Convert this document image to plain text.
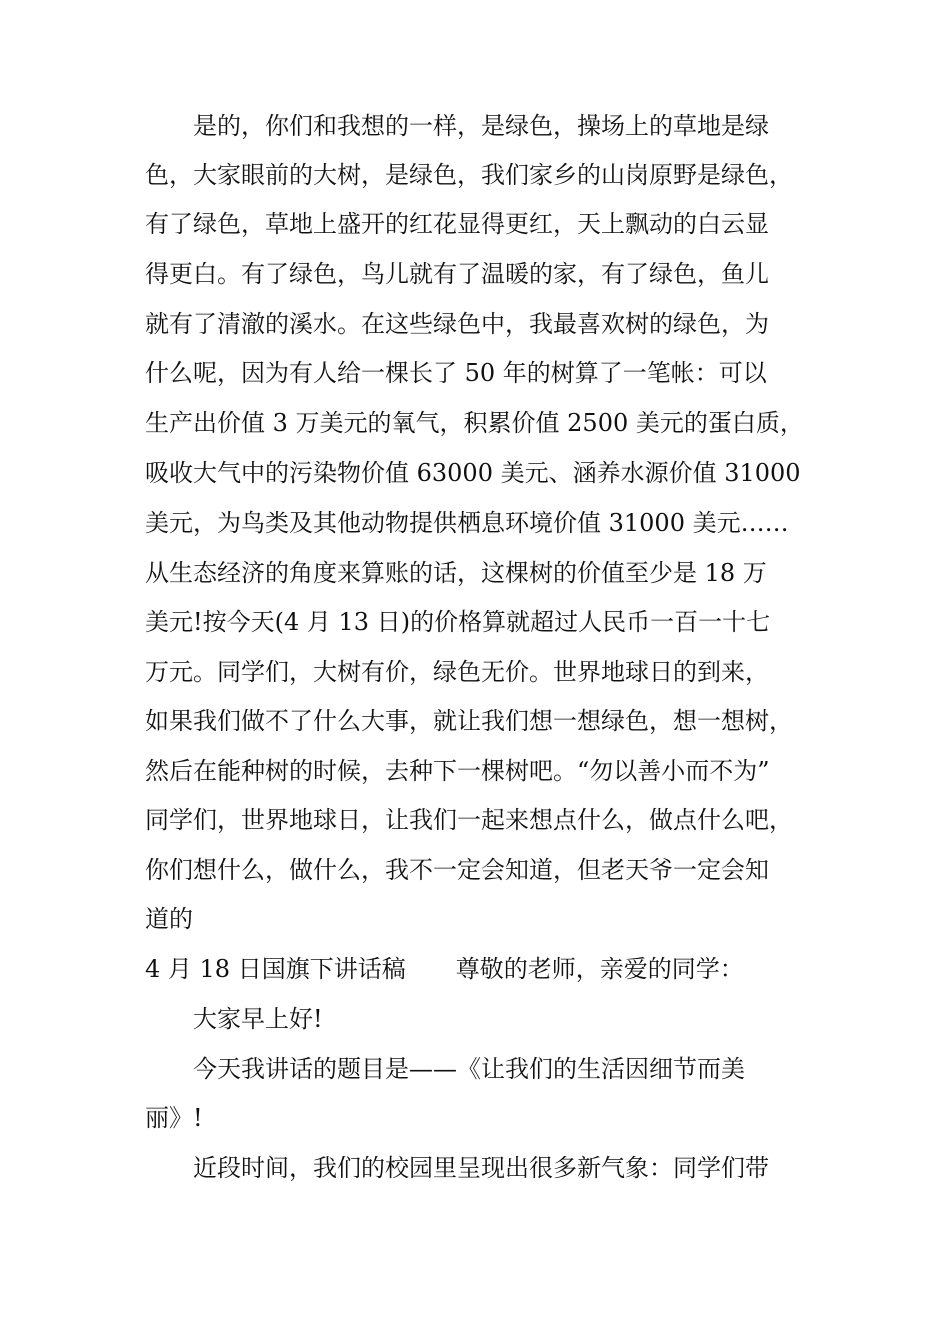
是的，你们和我想的一样，是绿色，操场上的草地是绿
色，大家眼前的大树，是绿色，我们家乡的山岗原野是绿色，
有了绿色，草地上盛开的红花显得更红，天上飘动的白云显
得更白。有了绿色，鸟儿就有了温暖的家，有了绿色，鱼儿
就有了清澈的溪水。在这些绿色中，我最喜欢树的绿色，为
什么呢，因为有人给一棵长了 50 年的树算了一笔帐：可以
生产出价值 3 万美元的氧气，积累价值 2500 美元的蛋白质，
吸收大气中的污染物价值 63000 美元、涵养水源价值 31000
美元，为鸟类及其他动物提供栖息环境价值 31000 美元……
从生态经济的角度来算账的话，这棵树的价值至少是 18 万
美元!按今天(4 月 13 日)的价格算就超过人民币一百一十七
万元。同学们，大树有价，绿色无价。世界地球日的到来，
如果我们做不了什么大事，就让我们想一想绿色，想一想树，
然后在能种树的时候，去种下一棵树吧。“勿以善小而不为”
同学们，世界地球日，让我们一起来想点什么，做点什么吧，
你们想什么，做什么，我不一定会知道，但老天爷一定会知
道的
4 月 18 日国旗下讲话稿 尊敬的老师，亲爱的同学：
大家早上好!
今天我讲话的题目是——《让我们的生活因细节而美
丽》!
近段时间，我们的校园里呈现出很多新气象：同学们带
